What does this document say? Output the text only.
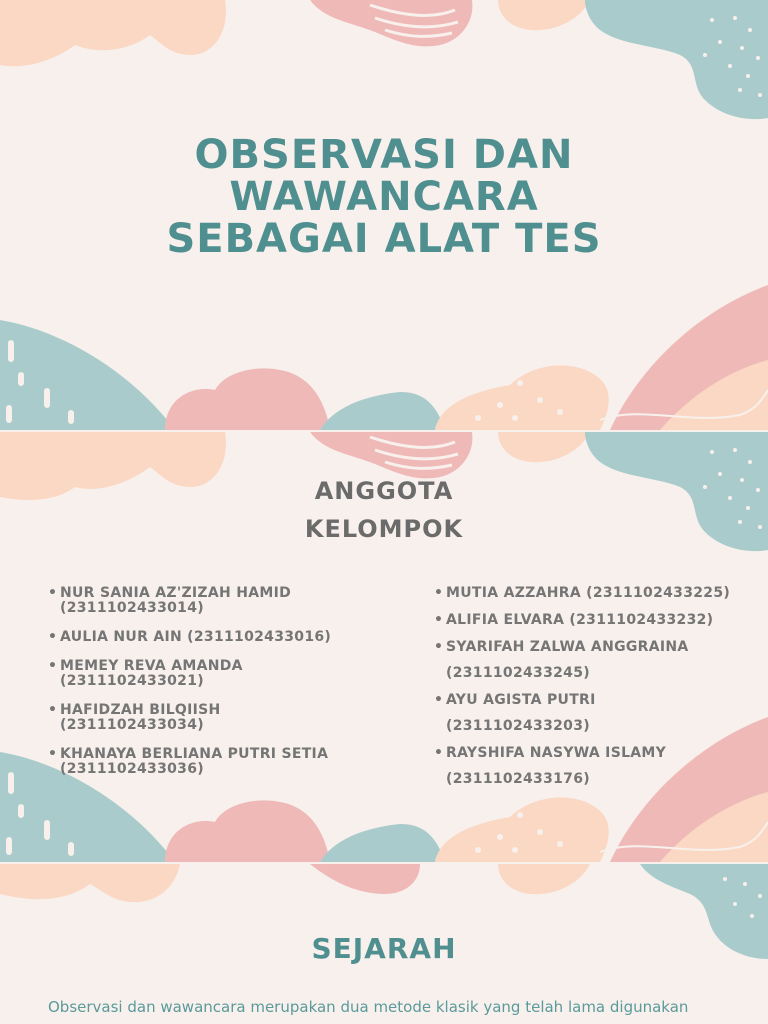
OBSERVASI DAN
WAWANCARA
SEBAGAI ALAT TES
ANGGOTA
KELOMPOK
• NUR SANIA AZ'ZIZAH HAMID
(2311102433014)
• AULIA NUR AIN (2311102433016)
• MEMEY REVA AMANDA
(2311102433021)
• HAFIDZAH BILQIISH
(2311102433034)
• KHANAYA BERLIANA PUTRI SETIA
(2311102433036)
• MUTIA AZZAHRA (2311102433225)
• ALIFIA ELVARA (2311102433232)
• SYARIFAH ZALWA ANGGRAINA
(2311102433245)
• AYU AGISTA PUTRI
(2311102433203)
• RAYSHIFA NASYWA ISLAMY
(2311102433176)
SEJARAH
Observasi dan wawancara merupakan dua metode klasik yang telah lama digunakan
